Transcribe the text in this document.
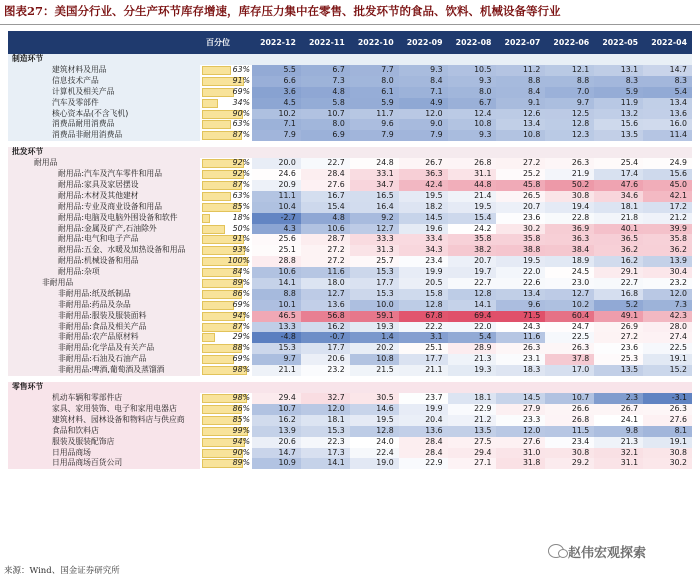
图表27：美国分行业、分生产环节库存增速，库存压力集中在零售、批发环节的食品、饮料、机械设备等行业
百分位	2022-12	2022-11	2022-10	2022-09	2022-08	2022-07	2022-06	2022-05	2022-04
制造环节
建筑材料及用品	63%	5.5	6.7	7.7	9.3	10.5	11.2	12.1	13.1	14.7
信息技术产品	91%	6.6	7.3	8.0	8.4	9.3	8.8	8.8	8.3	8.3
计算机及相关产品	69%	3.6	4.8	6.1	7.1	8.0	8.4	7.0	5.9	5.4
汽车及零部件	34%	4.5	5.8	5.9	4.9	6.7	9.1	9.7	11.9	13.4
核心资本品(不含飞机)	90%	10.2	10.7	11.7	12.0	12.4	12.6	12.5	13.2	13.6
消费品耐用消费品	63%	7.1	8.0	9.6	9.0	10.8	13.4	12.8	15.6	16.0
消费品非耐用消费品	87%	7.9	6.9	7.9	7.9	9.3	10.8	12.3	13.5	11.4
批发环节
耐用品	92%	20.0	22.7	24.8	26.7	26.8	27.2	26.3	25.4	24.9
耐用品:汽车及汽车零件和用品	92%	24.6	28.4	33.1	36.3	31.1	25.2	21.9	17.4	15.6
耐用品:家具及家居摆设	87%	20.9	27.6	34.7	42.4	44.8	45.8	50.2	47.6	45.0
耐用品:木材及其他建材	63%	11.1	16.7	16.5	19.5	21.4	26.5	30.8	34.6	42.1
耐用品:专业及商业设备和用品	85%	10.4	15.4	16.4	18.2	19.5	20.7	19.4	18.1	17.2
耐用品:电脑及电脑外围设备和软件	18%	-2.7	4.8	9.2	14.5	15.4	23.6	22.8	21.8	21.2
耐用品:金属及矿产,石油除外	50%	4.3	10.6	12.7	19.6	24.2	30.2	36.9	40.1	39.9
耐用品:电气和电子产品	91%	25.6	28.7	33.3	33.4	35.8	35.8	36.3	36.5	35.8
耐用品:五金、水暖及加热设备和用品	93%	25.1	27.2	31.3	34.3	38.2	38.8	38.4	36.2	36.2
耐用品:机械设备和用品	100%	28.8	27.2	25.7	23.4	20.7	19.5	18.9	16.2	13.9
耐用品:杂项	84%	10.6	11.6	15.3	19.9	19.7	22.0	24.5	29.1	30.4
非耐用品	89%	14.1	18.0	17.7	20.5	22.7	22.6	23.0	22.7	23.2
非耐用品:纸及纸制品	86%	8.8	12.7	15.3	15.8	12.8	13.4	12.7	16.8	12.0
非耐用品:药品及杂品	69%	10.1	13.6	10.0	12.8	14.1	9.6	10.2	5.2	7.3
非耐用品:服装及服装面料	94%	46.5	56.8	59.1	67.8	69.4	71.5	60.4	49.1	42.3
非耐用品:食品及相关产品	87%	13.3	16.2	19.3	22.2	22.0	24.3	24.7	26.9	28.0
非耐用品:农产品原材料	29%	-4.8	-0.7	1.4	3.1	5.4	11.6	22.5	27.2	27.4
非耐用品:化学品及有关产品	88%	15.3	17.7	20.2	25.1	28.9	26.3	26.3	23.6	22.5
非耐用品:石油及石油产品	69%	9.7	20.6	10.8	17.7	21.3	23.1	37.8	25.3	19.1
非耐用品:啤酒,葡萄酒及蒸馏酒	98%	21.1	23.2	21.5	21.1	19.3	18.3	17.0	13.5	15.2
零售环节
机动车辆和零部件店	98%	29.4	32.7	30.5	23.7	18.1	14.5	10.7	2.3	-3.1
家具、家用装饰、电子和家用电器店	86%	10.7	12.0	14.6	19.9	22.9	27.9	26.6	26.7	26.3
建筑材料、园林设备和物料店与供应商	85%	16.2	18.1	19.5	20.4	21.2	23.3	26.8	24.1	27.6
食品和饮料店	99%	13.9	15.3	12.8	13.6	13.5	12.0	11.5	9.8	8.1
服装及服装配饰店	94%	20.6	22.3	24.0	28.4	27.5	27.6	23.4	21.3	19.1
日用品商场	90%	14.7	17.3	22.4	28.4	29.4	31.0	30.8	32.1	30.8
日用品商场百货公司	89%	10.9	14.1	19.0	22.9	27.1	31.8	29.2	31.1	30.2
来源：Wind、国金证券研究所
赵伟宏观探索
